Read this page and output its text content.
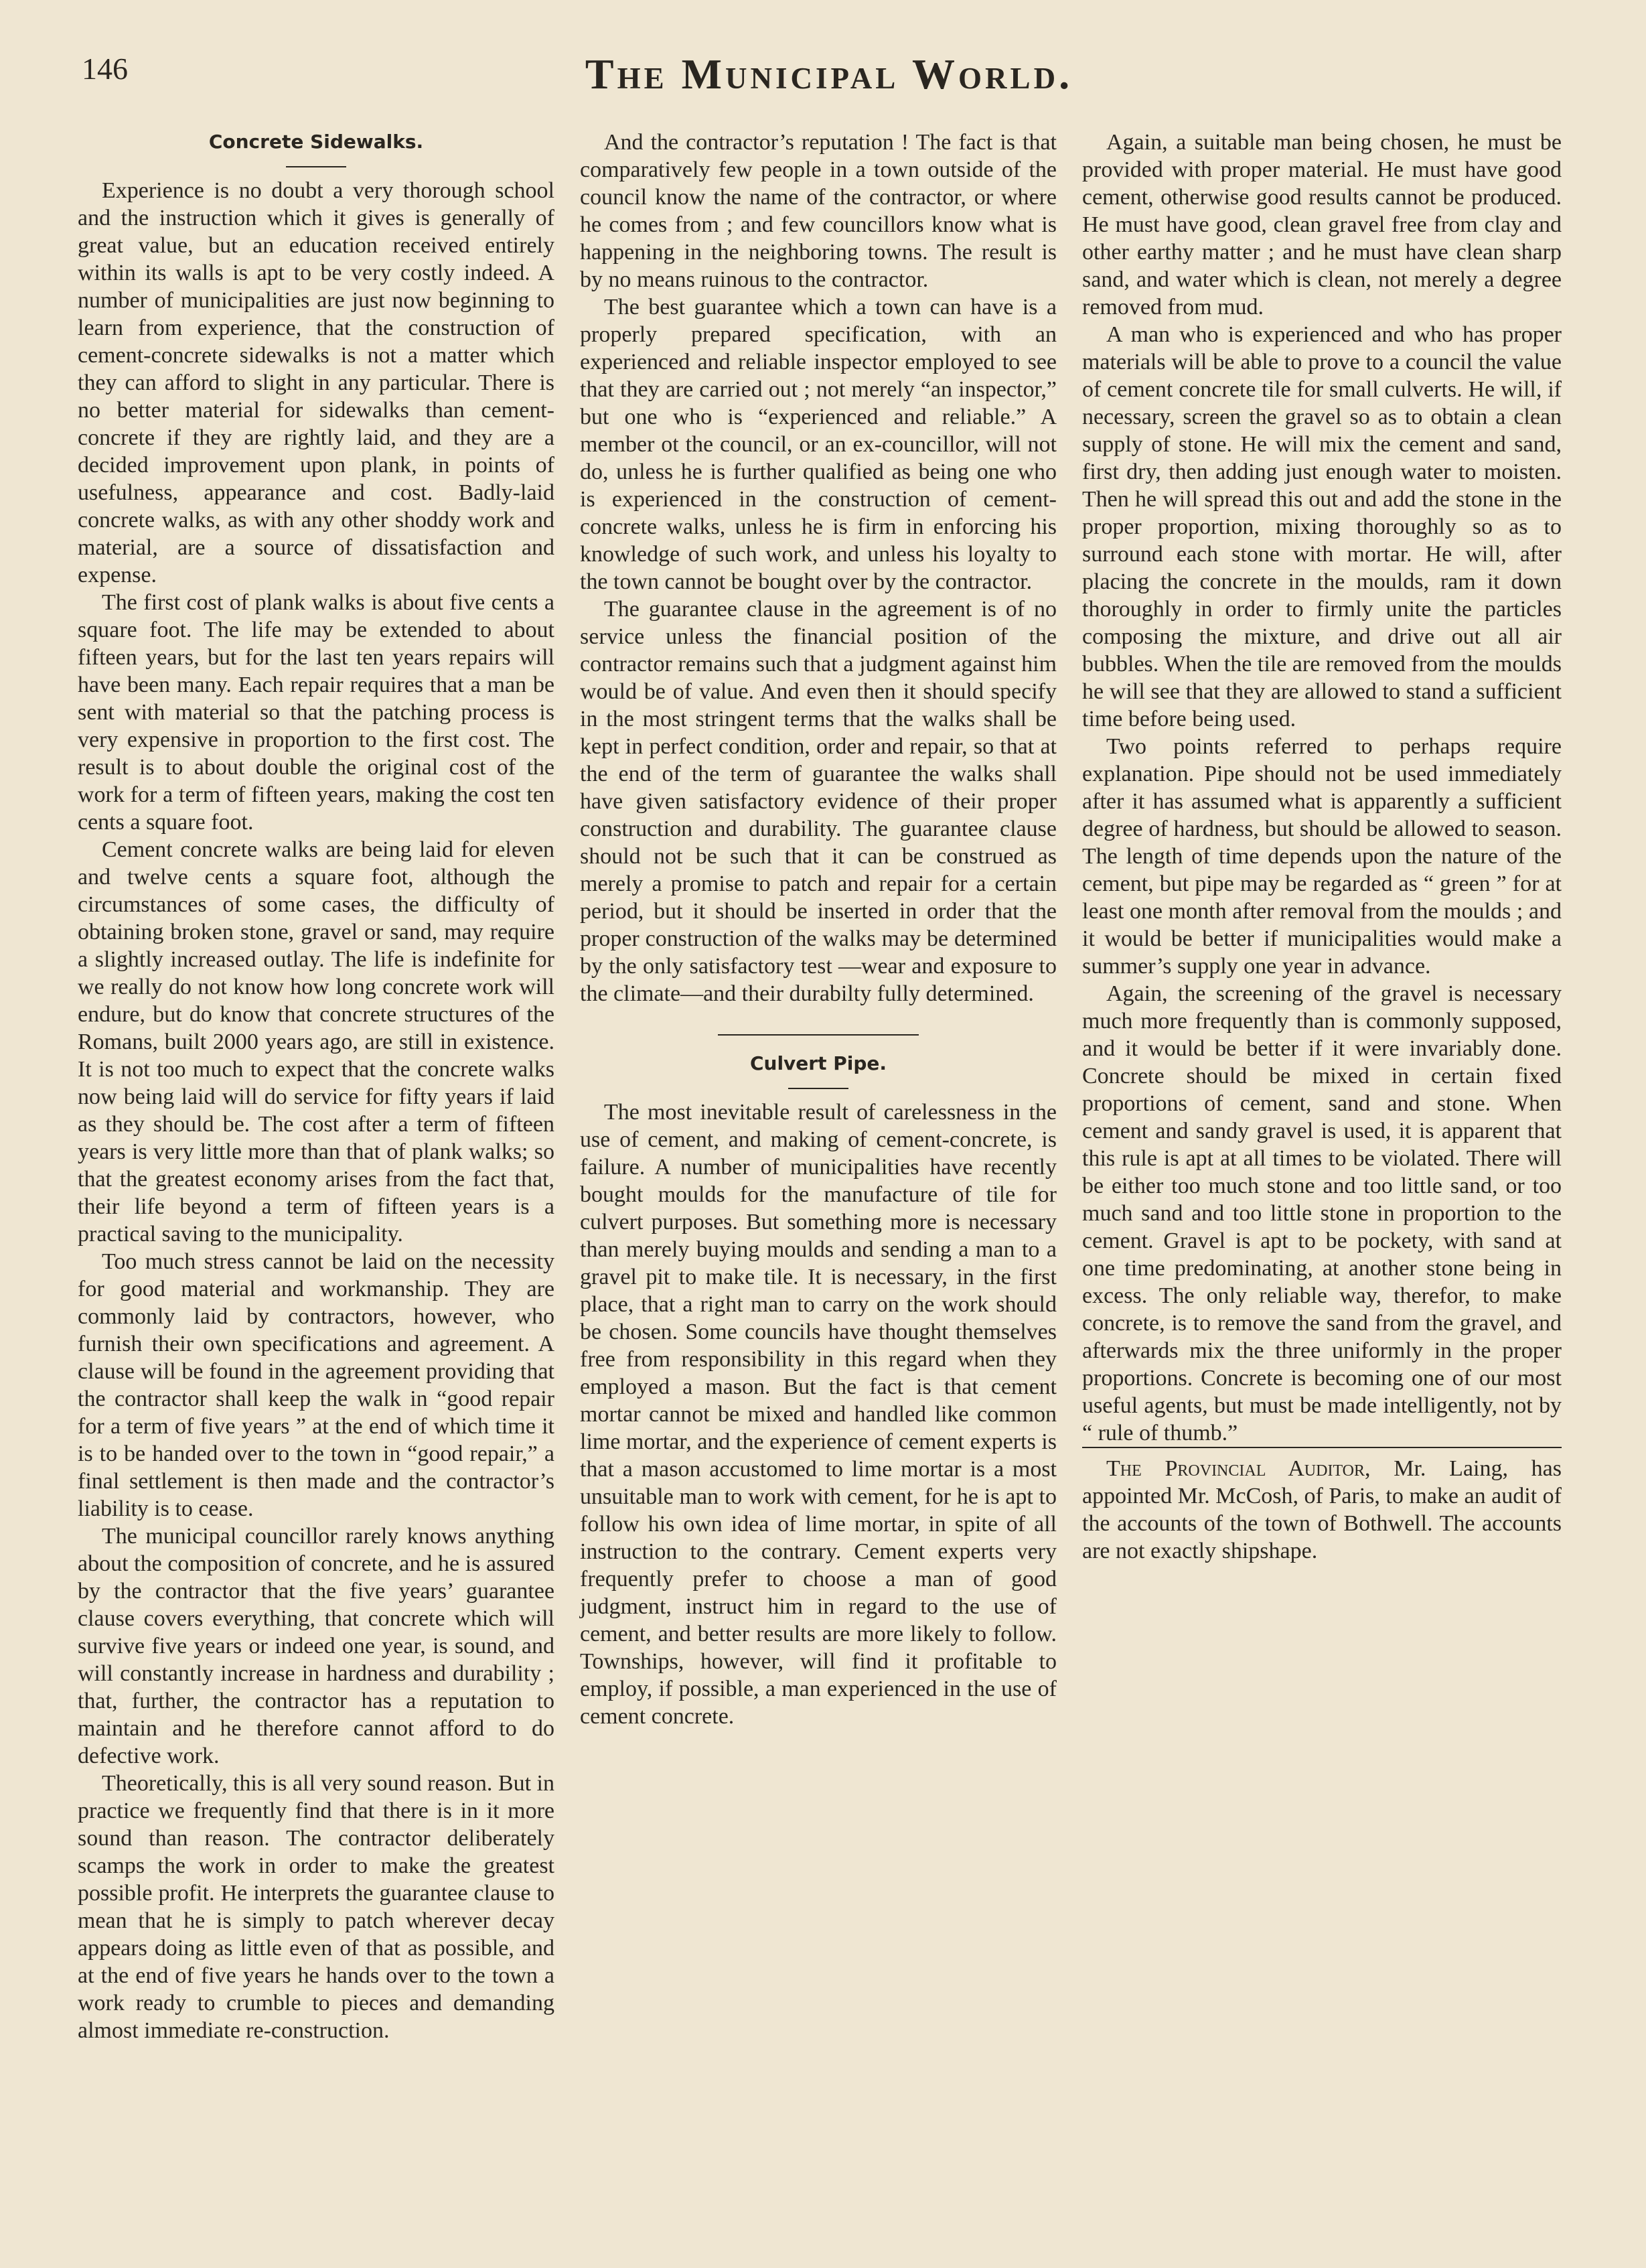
146	The Municipal World.
Concrete Sidewalks.

Experience is no doubt a very thorough school and the instruction which it gives is generally of great value, but an education received entirely within its walls is apt to be very costly indeed. A number of municipalities are just now beginning to learn from experience, that the construction of cement-concrete sidewalks is not a matter which they can afford to slight in any particular. There is no better material for sidewalks than cement-concrete if they are rightly laid, and they are a decided improvement upon plank, in points of usefulness, appearance and cost. Badly-laid concrete walks, as with any other shoddy work and material, are a source of dissatisfaction and expense.

The first cost of plank walks is about five cents a square foot. The life may be extended to about fifteen years, but for the last ten years repairs will have been many. Each repair requires that a man be sent with material so that the patching process is very expensive in proportion to the first cost. The result is to about double the original cost of the work for a term of fifteen years, making the cost ten cents a square foot.

Cement concrete walks are being laid for eleven and twelve cents a square foot, although the circumstances of some cases, the difficulty of obtaining broken stone, gravel or sand, may require a slightly increased outlay. The life is indefinite for we really do not know how long concrete work will endure, but do know that concrete structures of the Romans, built 2000 years ago, are still in existence. It is not too much to expect that the concrete walks now being laid will do service for fifty years if laid as they should be. The cost after a term of fifteen years is very little more than that of plank walks; so that the greatest economy arises from the fact that, their life beyond a term of fifteen years is a practical saving to the municipality.

Too much stress cannot be laid on the necessity for good material and workmanship. They are commonly laid by contractors, however, who furnish their own specifications and agreement. A clause will be found in the agreement providing that the contractor shall keep the walk in “good repair for a term of five years ” at the end of which time it is to be handed over to the town in “good repair,” a final settlement is then made and the contractor’s liability is to cease.

The municipal councillor rarely knows anything about the composition of concrete, and he is assured by the contractor that the five years’ guarantee clause covers everything, that concrete which will survive five years or indeed one year, is sound, and will constantly increase in hardness and durability ; that, further, the contractor has a reputation to maintain and he therefore cannot afford to do defective work.

Theoretically, this is all very sound reason. But in practice we frequently find that there is in it more sound than reason. The contractor deliberately scamps the work in order to make the greatest possible profit. He interprets the guarantee clause to mean that he is simply to patch wherever decay appears doing as little even of that as possible, and at the end of five years he hands over to the town a work ready to crumble to pieces and demanding almost immediate re-construction.

And the contractor’s reputation ! The fact is that comparatively few people in a town outside of the council know the name of the contractor, or where he comes from ; and few councillors know what is happening in the neighboring towns. The result is by no means ruinous to the contractor.

The best guarantee which a town can have is a properly prepared specification, with an experienced and reliable inspector employed to see that they are carried out ; not merely “an inspector,” but one who is “experienced and reliable.” A member ot the council, or an ex-councillor, will not do, unless he is further qualified as being one who is experienced in the construction of cement-concrete walks, unless he is firm in enforcing his knowledge of such work, and unless his loyalty to the town cannot be bought over by the contractor.

The guarantee clause in the agreement is of no service unless the financial position of the contractor remains such that a judgment against him would be of value. And even then it should specify in the most stringent terms that the walks shall be kept in perfect condition, order and repair, so that at the end of the term of guarantee the walks shall have given satisfactory evidence of their proper construction and durability. The guarantee clause should not be such that it can be construed as merely a promise to patch and repair for a certain period, but it should be inserted in order that the proper construction of the walks may be determined by the only satisfactory test —wear and exposure to the climate—and their durabilty fully determined.

Culvert Pipe.

The most inevitable result of carelessness in the use of cement, and making of cement-concrete, is failure. A number of municipalities have recently bought moulds for the manufacture of tile for culvert purposes. But something more is necessary than merely buying moulds and sending a man to a gravel pit to make tile. It is necessary, in the first place, that a right man to carry on the work should be chosen. Some councils have thought themselves free from responsibility in this regard when they employed a mason. But the fact is that cement mortar cannot be mixed and handled like common lime mortar, and the experience of cement experts is that a mason accustomed to lime mortar is a most unsuitable man to work with cement, for he is apt to follow his own idea of lime mortar, in spite of all instruction to the contrary. Cement experts very frequently prefer to choose a man of good judgment, instruct him in regard to the use of cement, and better results are more likely to follow. Townships, however, will find it profitable to employ, if possible, a man experienced in the use of cement concrete.

Again, a suitable man being chosen, he must be provided with proper material. He must have good cement, otherwise good results cannot be produced. He must have good, clean gravel free from clay and other earthy matter ; and he must have clean sharp sand, and water which is clean, not merely a degree removed from mud.

A man who is experienced and who has proper materials will be able to prove to a council the value of cement concrete tile for small culverts. He will, if necessary, screen the gravel so as to obtain a clean supply of stone. He will mix the cement and sand, first dry, then adding just enough water to moisten. Then he will spread this out and add the stone in the proper proportion, mixing thoroughly so as to surround each stone with mortar. He will, after placing the concrete in the moulds, ram it down thoroughly in order to firmly unite the particles composing the mixture, and drive out all air bubbles. When the tile are removed from the moulds he will see that they are allowed to stand a sufficient time before being used.

Two points referred to perhaps require explanation. Pipe should not be used immediately after it has assumed what is apparently a sufficient degree of hardness, but should be allowed to season. The length of time depends upon the nature of the cement, but pipe may be regarded as “ green ” for at least one month after removal from the moulds ; and it would be better if municipalities would make a summer’s supply one year in advance.

Again, the screening of the gravel is necessary much more frequently than is commonly supposed, and it would be better if it were invariably done. Concrete should be mixed in certain fixed proportions of cement, sand and stone. When cement and sandy gravel is used, it is apparent that this rule is apt at all times to be violated. There will be either too much stone and too little sand, or too much sand and too little stone in proportion to the cement. Gravel is apt to be pockety, with sand at one time predominating, at another stone being in excess. The only reliable way, therefor, to make concrete, is to remove the sand from the gravel, and afterwards mix the three uniformly in the proper proportions. Concrete is becoming one of our most useful agents, but must be made intelligently, not by “ rule of thumb.”

The Provincial Auditor, Mr. Laing, has appointed Mr. McCosh, of Paris, to make an audit of the accounts of the town of Bothwell. The accounts are not exactly shipshape.
